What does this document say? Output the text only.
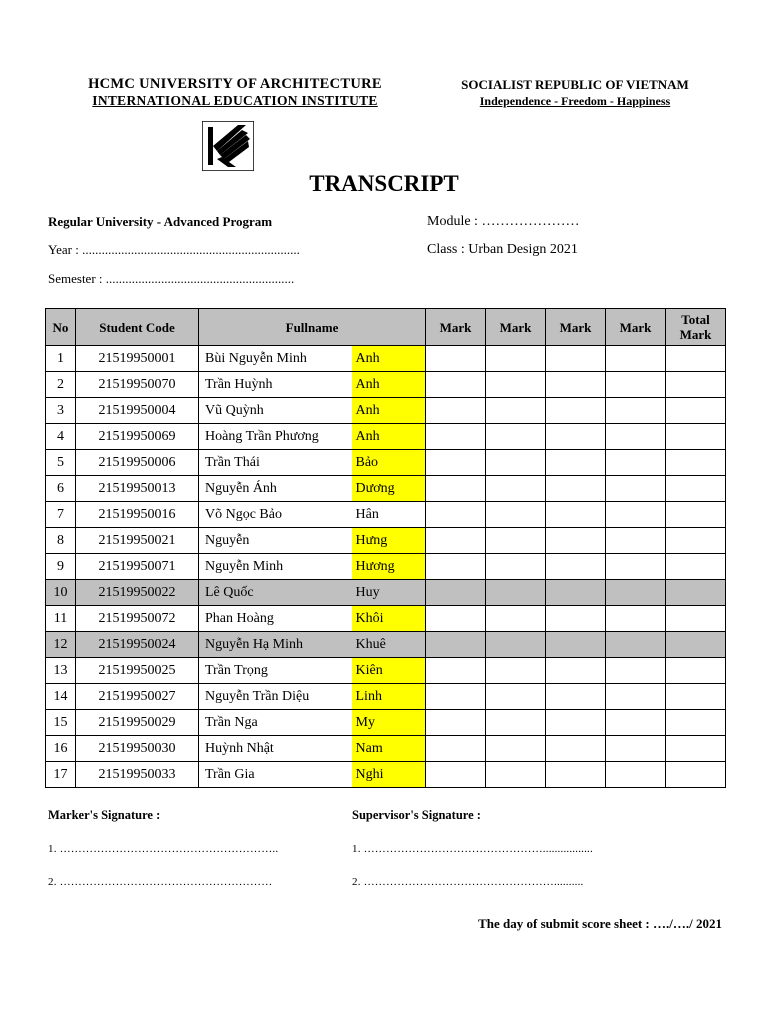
HCMC UNIVERSITY OF ARCHITECTURE
INTERNATIONAL EDUCATION INSTITUTE
SOCIALIST REPUBLIC OF VIETNAM
Independence - Freedom - Happiness
TRANSCRIPT
Regular University - Advanced Program
Year : ...................................................................
Semester : ..........................................................
Module : …………………
Class : Urban Design 2021
No	Student Code	Fullname		Mark	Mark	Mark	Mark	Total
Mark
1	21519950001	Bùi Nguyễn Minh	Anh					
2	21519950070	Trần Huỳnh	Anh					
3	21519950004	Vũ Quỳnh	Anh					
4	21519950069	Hoàng Trần Phương	Anh					
5	21519950006	Trần Thái	Bảo					
6	21519950013	Nguyễn Ánh	Dương					
7	21519950016	Võ Ngọc Bảo	Hân					
8	21519950021	Nguyễn	Hưng					
9	21519950071	Nguyễn Minh	Hương					
10	21519950022	Lê Quốc	Huy					
11	21519950072	Phan Hoàng	Khôi					
12	21519950024	Nguyễn Hạ Minh	Khuê					
13	21519950025	Trần Trọng	Kiên					
14	21519950027	Nguyễn Trần Diệu	Linh					
15	21519950029	Trần Nga	My					
16	21519950030	Huỳnh Nhật	Nam					
17	21519950033	Trần Gia	Nghi					
Marker's Signature :	Supervisor's Signature :
1. …………………………………………………..
2. …………………………………………………
1. ………………………………………….................
2. ……………………………………………..........
The day of submit score sheet : …./…./ 2021
